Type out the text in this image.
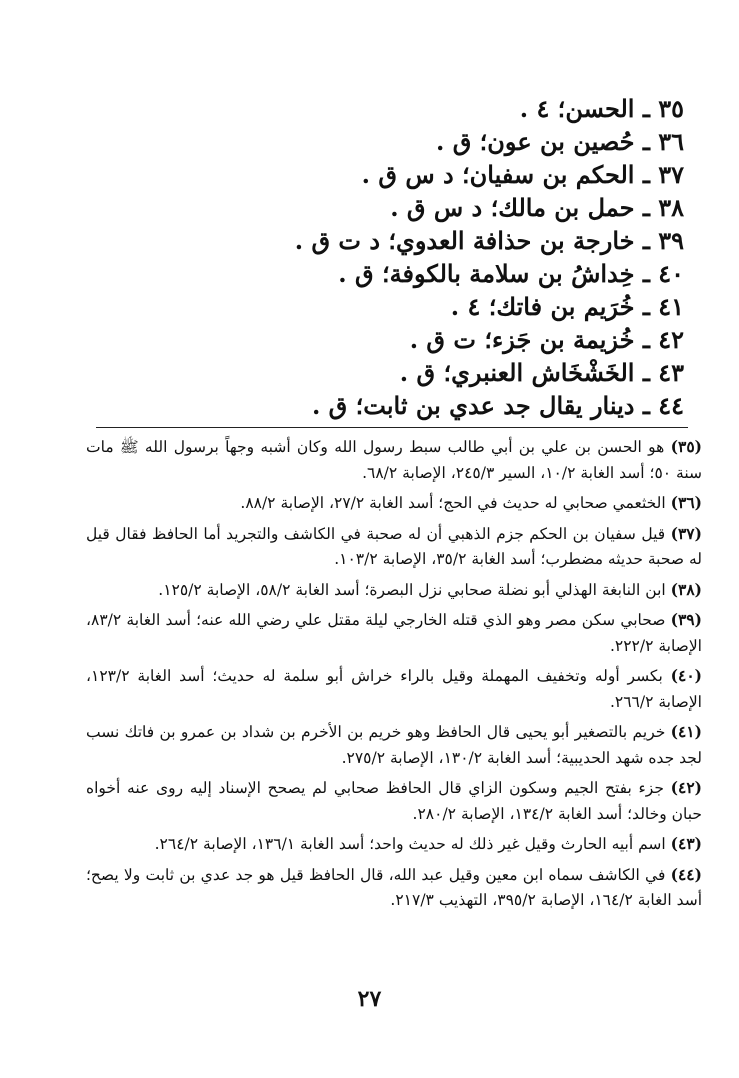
٣٥ ـ الحسن؛ ٤ .
٣٦ ـ حُصين بن عون؛ ق .
٣٧ ـ الحكم بن سفيان؛ د س ق .
٣٨ ـ حمل بن مالك؛ د س ق .
٣٩ ـ خارجة بن حذافة العدوي؛ د ت ق .
٤٠ ـ خِداشُ بن سلامة بالكوفة؛ ق .
٤١ ـ خُرَيم بن فاتك؛ ٤ .
٤٢ ـ خُزيمة بن جَزء؛ ت ق .
٤٣ ـ الخَشْخَاش العنبري؛ ق .
٤٤ ـ دينار يقال جد عدي بن ثابت؛ ق .

(٣٥) هو الحسن بن علي بن أبي طالب سبط رسول الله وكان أشبه وجهاً برسول الله ﷺ مات سنة ٥٠؛ أسد الغابة ١٠/٢، السير ٢٤٥/٣، الإصابة ٦٨/٢.

(٣٦) الخثعمي صحابي له حديث في الحج؛ أسد الغابة ٢٧/٢، الإصابة ٨٨/٢.

(٣٧) قيل سفيان بن الحكم جزم الذهبي أن له صحبة في الكاشف والتجريد أما الحافظ فقال قيل له صحبة حديثه مضطرب؛ أسد الغابة ٣٥/٢، الإصابة ١٠٣/٢.

(٣٨) ابن النابغة الهذلي أبو نضلة صحابي نزل البصرة؛ أسد الغابة ٥٨/٢، الإصابة ١٢٥/٢.

(٣٩) صحابي سكن مصر وهو الذي قتله الخارجي ليلة مقتل علي رضي الله عنه؛ أسد الغابة ٨٣/٢، الإصابة ٢٢٢/٢.

(٤٠) بكسر أوله وتخفيف المهملة وقيل بالراء خراش أبو سلمة له حديث؛ أسد الغابة ١٢٣/٢، الإصابة ٢٦٦/٢.

(٤١) خريم بالتصغير أبو يحيى قال الحافظ وهو خريم بن الأخرم بن شداد بن عمرو بن فاتك نسب لجد جده شهد الحديبية؛ أسد الغابة ١٣٠/٢، الإصابة ٢٧٥/٢.

(٤٢) جزء بفتح الجيم وسكون الزاي قال الحافظ صحابي لم يصحح الإسناد إليه روى عنه أخواه حبان وخالد؛ أسد الغابة ١٣٤/٢، الإصابة ٢٨٠/٢.

(٤٣) اسم أبيه الحارث وقيل غير ذلك له حديث واحد؛ أسد الغابة ١٣٦/١، الإصابة ٢٦٤/٢.

(٤٤) في الكاشف سماه ابن معين وقيل عبد الله، قال الحافظ قيل هو جد عدي بن ثابت ولا يصح؛ أسد الغابة ١٦٤/٢، الإصابة ٣٩٥/٢، التهذيب ٢١٧/٣.

٢٧
